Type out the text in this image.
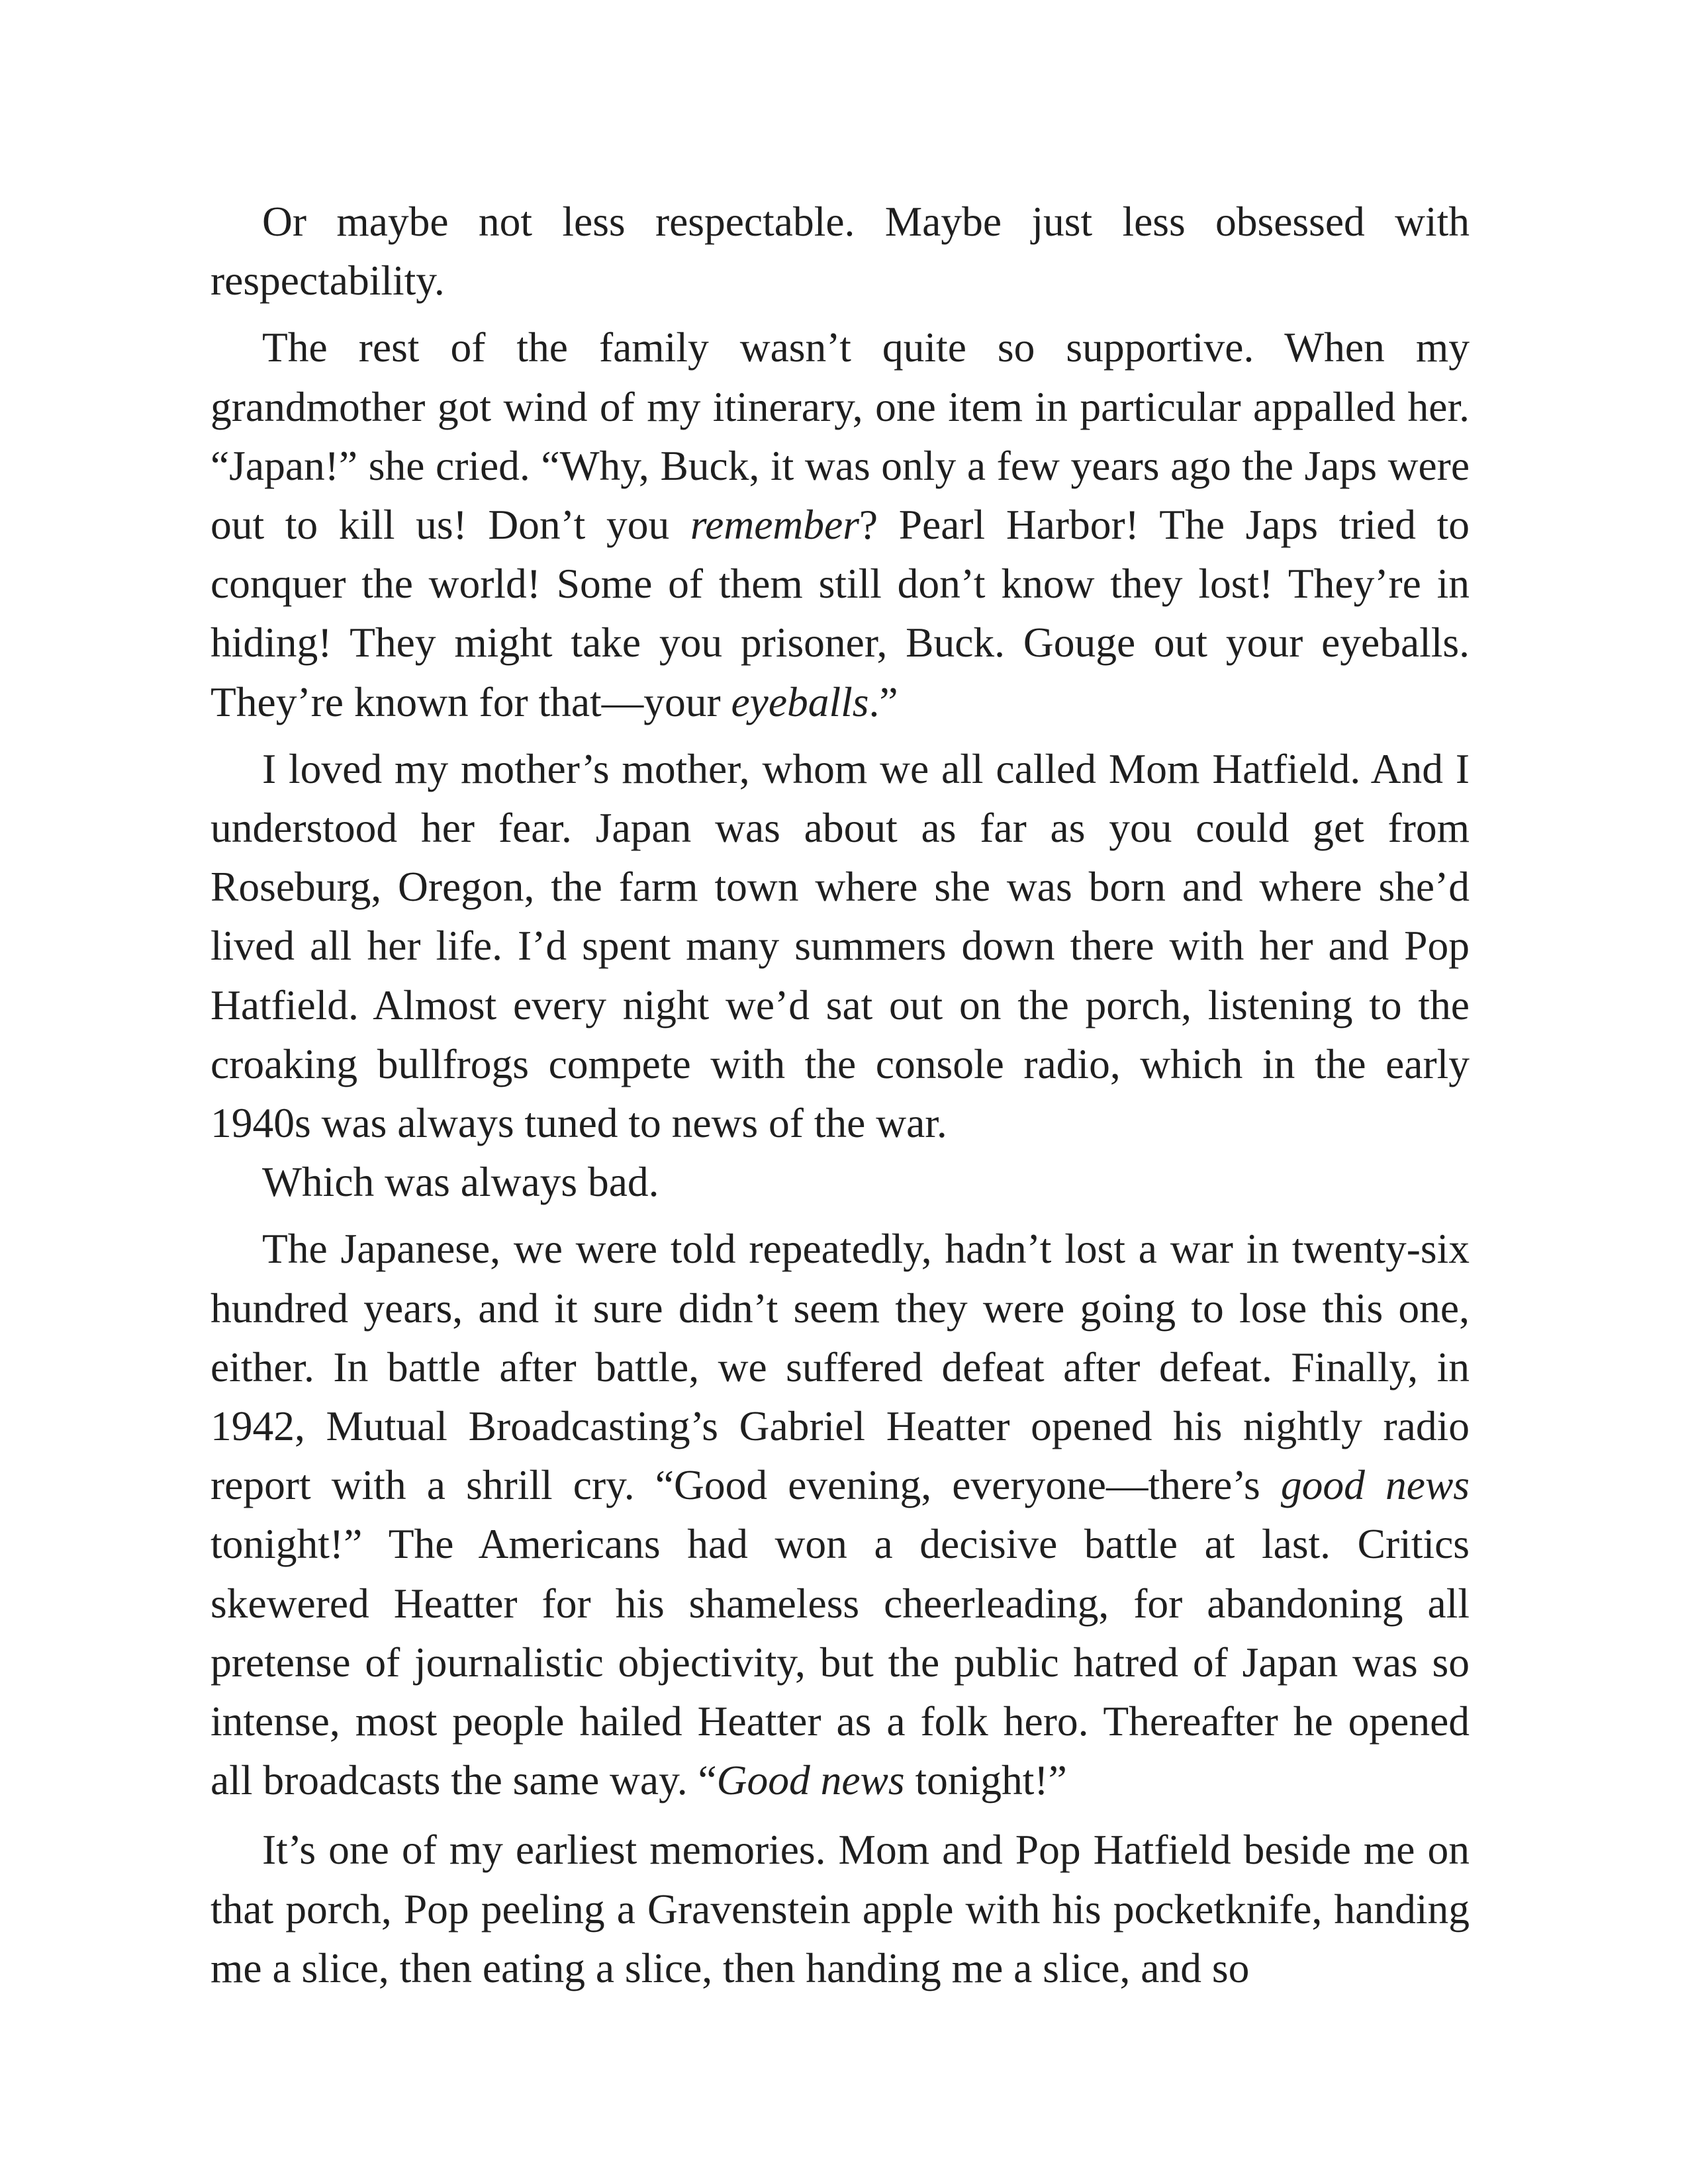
Or maybe not less respectable. Maybe just less obsessed with respectability.

The rest of the family wasn’t quite so supportive. When my grandmother got wind of my itinerary, one item in particular appalled her. “Japan!” she cried. “Why, Buck, it was only a few years ago the Japs were out to kill us! Don’t you remember? Pearl Harbor! The Japs tried to conquer the world! Some of them still don’t know they lost! They’re in hiding! They might take you prisoner, Buck. Gouge out your eyeballs. They’re known for that—your eyeballs.”

I loved my mother’s mother, whom we all called Mom Hatfield. And I understood her fear. Japan was about as far as you could get from Roseburg, Oregon, the farm town where she was born and where she’d lived all her life. I’d spent many summers down there with her and Pop Hatfield. Almost every night we’d sat out on the porch, listening to the croaking bullfrogs compete with the console radio, which in the early 1940s was always tuned to news of the war.

Which was always bad.

The Japanese, we were told repeatedly, hadn’t lost a war in twenty-six hundred years, and it sure didn’t seem they were going to lose this one, either. In battle after battle, we suffered defeat after defeat. Finally, in 1942, Mutual Broadcasting’s Gabriel Heatter opened his nightly radio report with a shrill cry. “Good evening, everyone—there’s good news tonight!” The Americans had won a decisive battle at last. Critics skewered Heatter for his shameless cheerleading, for abandoning all pretense of journalistic objectivity, but the public hatred of Japan was so intense, most people hailed Heatter as a folk hero. Thereafter he opened all broadcasts the same way. “Good news tonight!”

It’s one of my earliest memories. Mom and Pop Hatfield beside me on that porch, Pop peeling a Gravenstein apple with his pocketknife, handing me a slice, then eating a slice, then handing me a slice, and so
